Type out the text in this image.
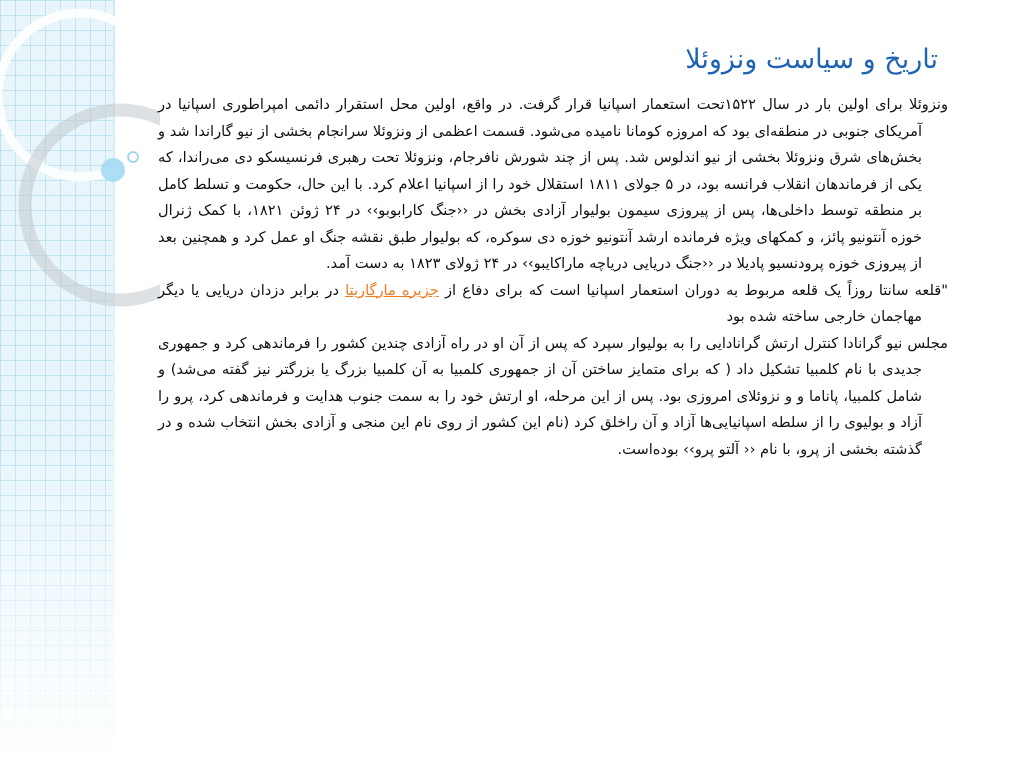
تاریخ و سیاست ونزوئلا

ونزوئلا برای اولین بار در سال ۱۵۲۲تحت استعمار اسپانیا قرار گرفت. در واقع، اولین محل استقرار دائمی امپراطوری اسپانیا در آمریکای جنوبی در منطقه‌ای بود که امروزه کومانا نامیده می‌شود. قسمت اعظمی از ونزوئلا سرانجام بخشی از نیو گاراندا شد و بخش‌های شرق ونزوئلا بخشی از نیو اندلوس شد. پس از چند شورش نافرجام، ونزوئلا تحت رهبری فرنسیسکو دی می‌راندا، که یکی از فرماندهان انقلاب فرانسه بود، در ۵ جولای ۱۸۱۱ استقلال خود را از اسپانیا اعلام کرد. با این حال، حکومت و تسلط کامل بر منطقه توسط داخلی‌ها، پس از پیروزی سیمون بولیوار آزادی بخش در ‹‹جنگ کارابوبو›› در ۲۴ ژوئن ۱۸۲۱، با کمک ژنرال خوزه آنتونیو پائز، و کمکهای ویژه فرمانده ارشد آنتونیو خوزه دی سوکره، که بولیوار طبق نقشه جنگ او عمل کرد و همچنین بعد از پیروزی خوزه پرودنسیو پادیلا در ‹‹جنگ دریایی دریاچه ماراکایبو›› در ۲۴ ژولای ۱۸۲۳ به دست آمد.

"قلعه سانتا روزاً یک قلعه مربوط به دوران استعمار اسپانیا است که برای دفاع از جزیره مارگاریتا در برابر دزدان دریایی یا دیگر مهاجمان خارجی ساخته شده بود

مجلس نیو گرانادا کنترل ارتش گرانادایی را به بولیوار سپرد که پس از آن او در راه آزادی چندین کشور را فرماندهی کرد و جمهوری جدیدی با نام کلمبیا تشکیل داد ( که برای متمایز ساختن آن از جمهوری کلمبیا به آن کلمبیا بزرگ یا بزرگتر نیز گفته می‌شد) و شامل کلمبیا، پاناما و و نزوئلای امروزی بود. پس از این مرحله، او ارتش خود را به سمت جنوب هدایت و فرماندهی کرد، پرو را آزاد و بولیوی را از سلطه اسپانیایی‌ها آزاد و آن راخلق کرد (نام این کشور از روی نام این منجی و آزادی بخش انتخاب شده و در گذشته بخشی از پرو، با نام ‹‹ آلتو پرو›› بوده‌است.
